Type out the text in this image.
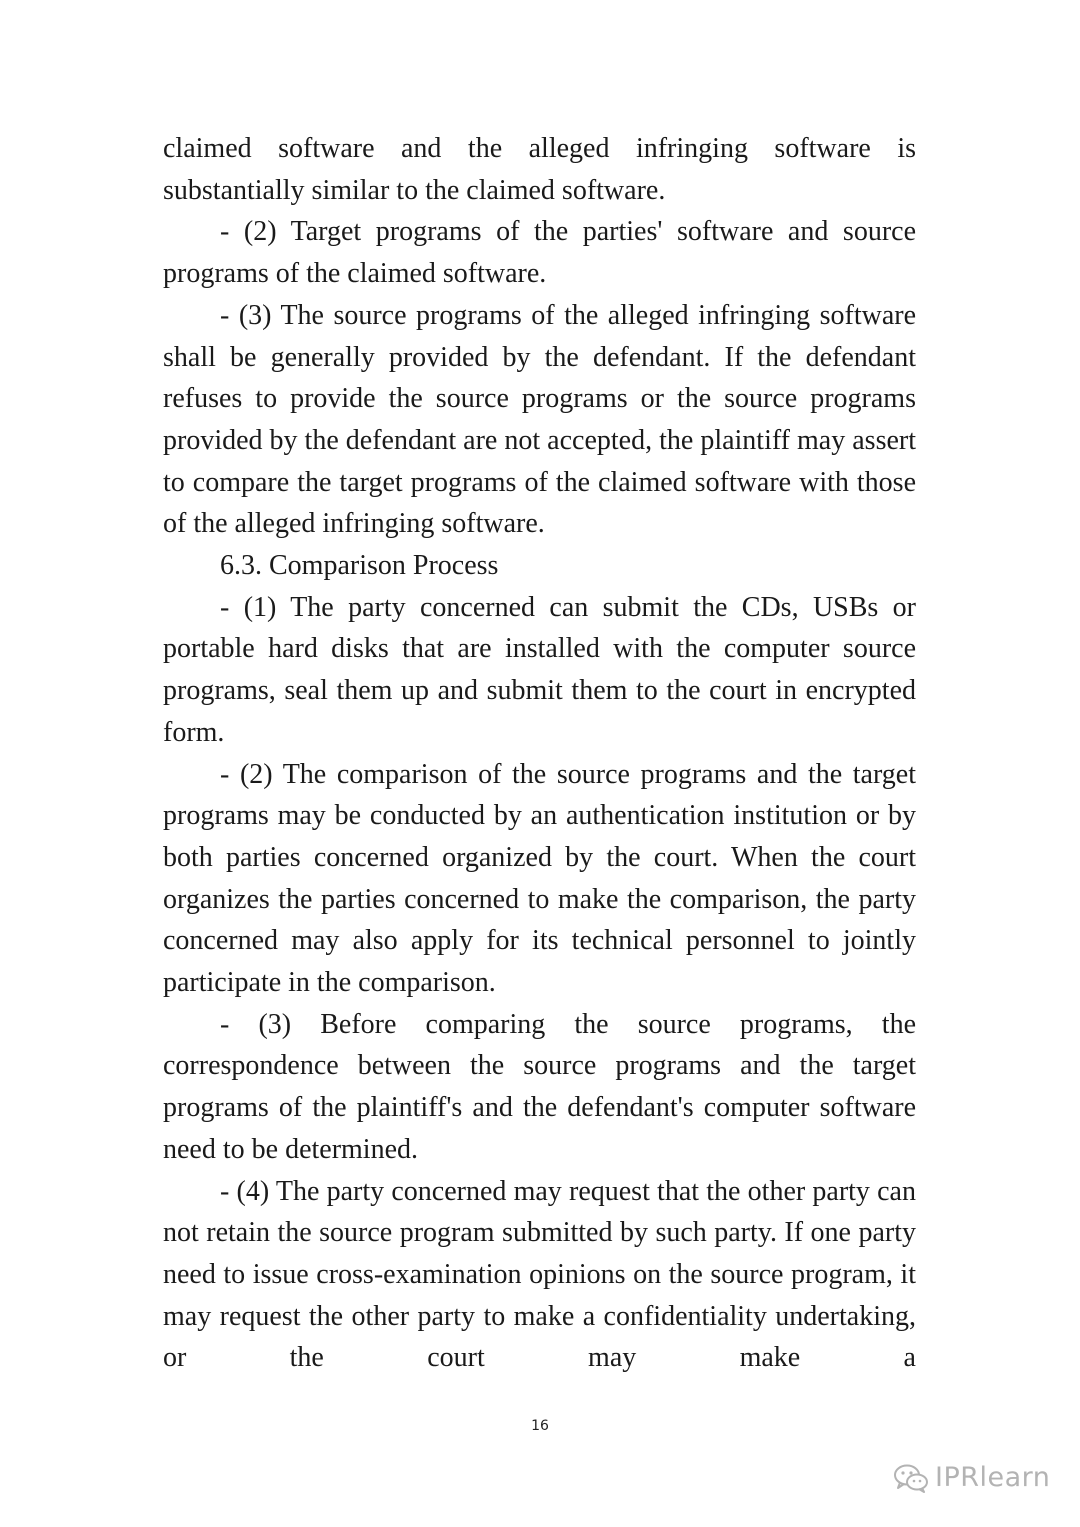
claimed software and the alleged infringing software is substantially similar to the claimed software.

- (2) Target programs of the parties' software and source programs of the claimed software.

- (3) The source programs of the alleged infringing software shall be generally provided by the defendant. If the defendant refuses to provide the source programs or the source programs provided by the defendant are not accepted, the plaintiff may assert to compare the target programs of the claimed software with those of the alleged infringing software.

6.3. Comparison Process

- (1) The party concerned can submit the CDs, USBs or portable hard disks that are installed with the computer source programs, seal them up and submit them to the court in encrypted form.

- (2) The comparison of the source programs and the target programs may be conducted by an authentication institution or by both parties concerned organized by the court. When the court organizes the parties concerned to make the comparison, the party concerned may also apply for its technical personnel to jointly participate in the comparison.

- (3) Before comparing the source programs, the correspondence between the source programs and the target programs of the plaintiff's and the defendant's computer software need to be determined.

- (4) The party concerned may request that the other party can not retain the source program submitted by such party. If one party need to issue cross-examination opinions on the source program, it may request the other party to make a confidentiality undertaking, or the court may make a

16
IPRlearn
